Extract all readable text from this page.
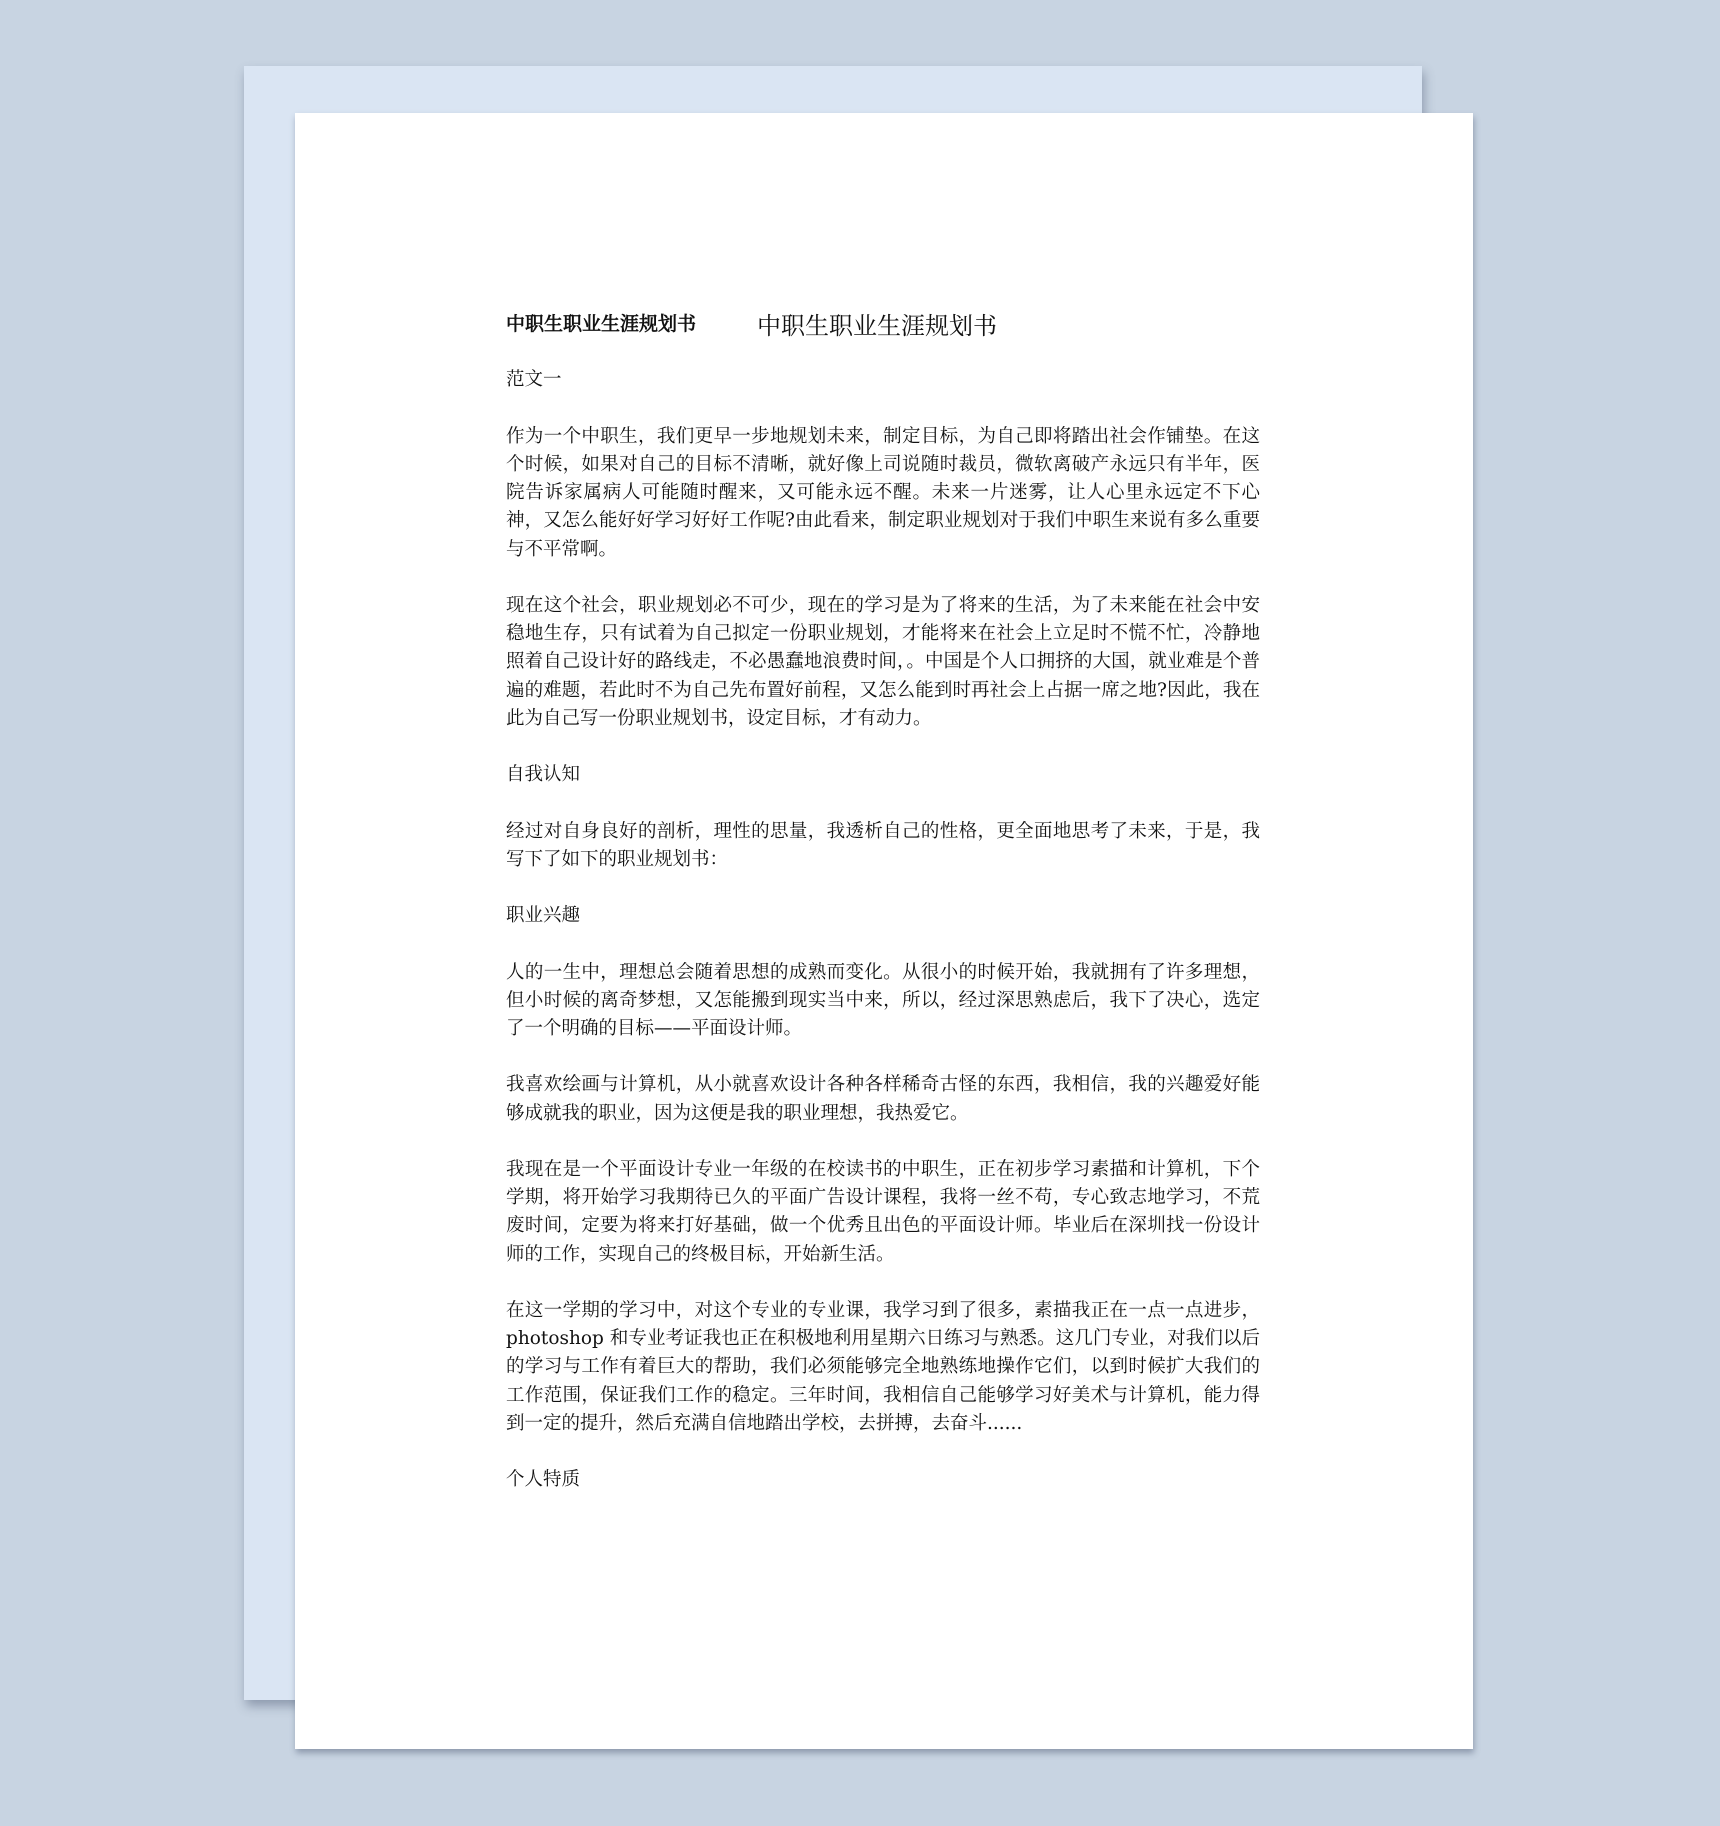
中职生职业生涯规划书

中职生职业生涯规划书

范文一

作为一个中职生，我们更早一步地规划未来，制定目标，为自己即将踏出社会作铺垫。在这个时候，如果对自己的目标不清晰，就好像上司说随时裁员，微软离破产永远只有半年，医院告诉家属病人可能随时醒来，又可能永远不醒。未来一片迷雾，让人心里永远定不下心神，又怎么能好好学习好好工作呢?由此看来，制定职业规划对于我们中职生来说有多么重要与不平常啊。

现在这个社会，职业规划必不可少，现在的学习是为了将来的生活，为了未来能在社会中安稳地生存，只有试着为自己拟定一份职业规划，才能将来在社会上立足时不慌不忙，冷静地照着自己设计好的路线走，不必愚蠢地浪费时间，。中国是个人口拥挤的大国，就业难是个普遍的难题，若此时不为自己先布置好前程，又怎么能到时再社会上占据一席之地?因此，我在此为自己写一份职业规划书，设定目标，才有动力。

自我认知

经过对自身良好的剖析，理性的思量，我透析自己的性格，更全面地思考了未来，于是，我写下了如下的职业规划书：

职业兴趣

人的一生中，理想总会随着思想的成熟而变化。从很小的时候开始，我就拥有了许多理想，但小时候的离奇梦想，又怎能搬到现实当中来，所以，经过深思熟虑后，我下了决心，选定了一个明确的目标——平面设计师。

我喜欢绘画与计算机，从小就喜欢设计各种各样稀奇古怪的东西，我相信，我的兴趣爱好能够成就我的职业，因为这便是我的职业理想，我热爱它。

我现在是一个平面设计专业一年级的在校读书的中职生，正在初步学习素描和计算机，下个学期，将开始学习我期待已久的平面广告设计课程，我将一丝不苟，专心致志地学习，不荒废时间，定要为将来打好基础，做一个优秀且出色的平面设计师。毕业后在深圳找一份设计师的工作，实现自己的终极目标，开始新生活。

在这一学期的学习中，对这个专业的专业课，我学习到了很多，素描我正在一点一点进步，photoshop 和专业考证我也正在积极地利用星期六日练习与熟悉。这几门专业，对我们以后的学习与工作有着巨大的帮助，我们必须能够完全地熟练地操作它们，以到时候扩大我们的工作范围，保证我们工作的稳定。三年时间，我相信自己能够学习好美术与计算机，能力得到一定的提升，然后充满自信地踏出学校，去拼搏，去奋斗......

个人特质
